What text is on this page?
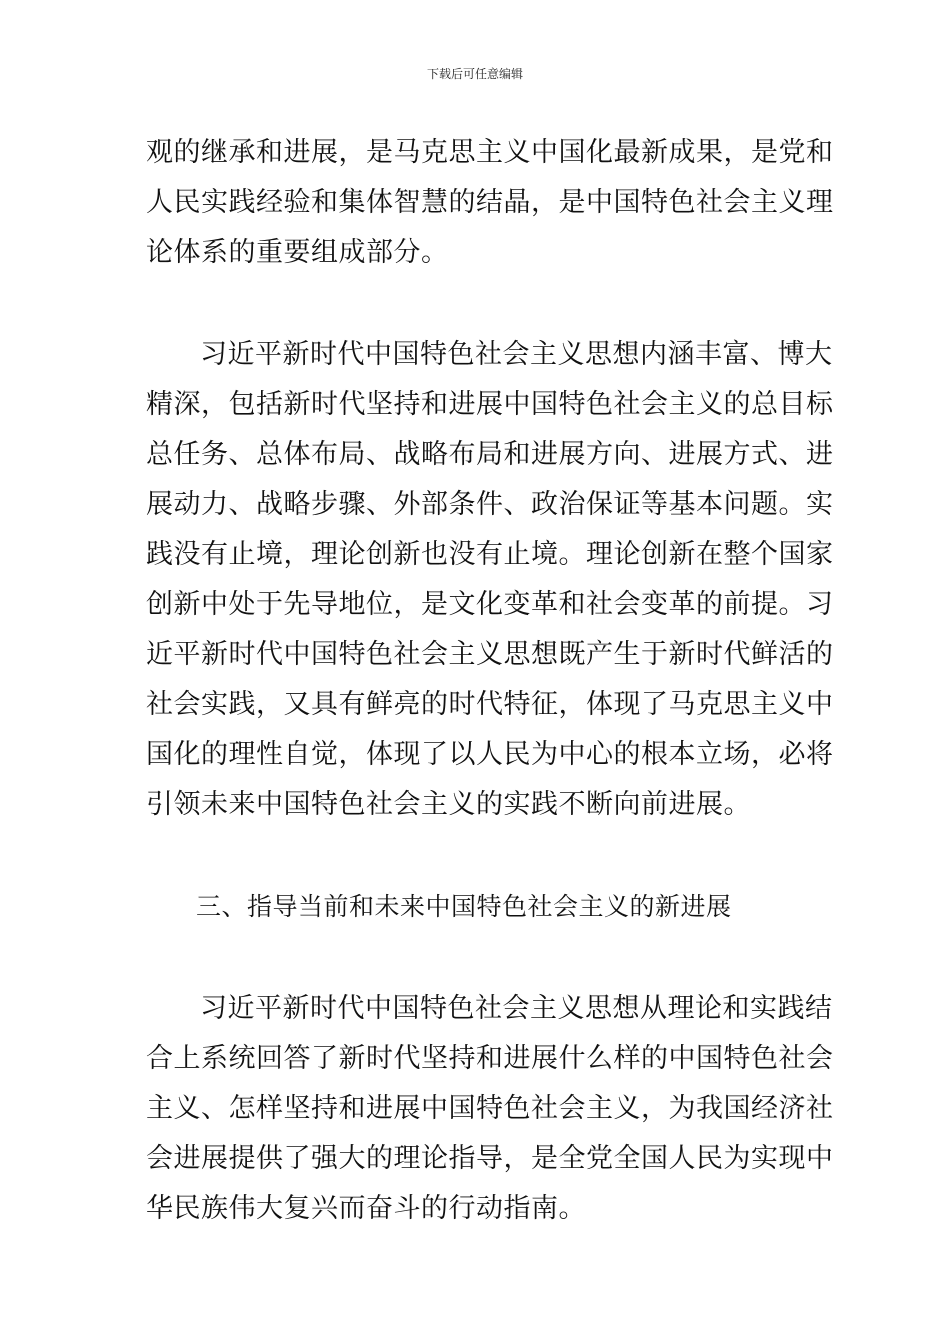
下载后可任意编辑

观的继承和进展，是马克思主义中国化最新成果，是党和
人民实践经验和集体智慧的结晶，是中国特色社会主义理
论体系的重要组成部分。

习近平新时代中国特色社会主义思想内涵丰富、博大
精深，包括新时代坚持和进展中国特色社会主义的总目标
总任务、总体布局、战略布局和进展方向、进展方式、进
展动力、战略步骤、外部条件、政治保证等基本问题。实
践没有止境，理论创新也没有止境。理论创新在整个国家
创新中处于先导地位，是文化变革和社会变革的前提。习
近平新时代中国特色社会主义思想既产生于新时代鲜活的
社会实践，又具有鲜亮的时代特征，体现了马克思主义中
国化的理性自觉，体现了以人民为中心的根本立场，必将
引领未来中国特色社会主义的实践不断向前进展。

三、指导当前和未来中国特色社会主义的新进展

习近平新时代中国特色社会主义思想从理论和实践结
合上系统回答了新时代坚持和进展什么样的中国特色社会
主义、怎样坚持和进展中国特色社会主义，为我国经济社
会进展提供了强大的理论指导，是全党全国人民为实现中
华民族伟大复兴而奋斗的行动指南。
